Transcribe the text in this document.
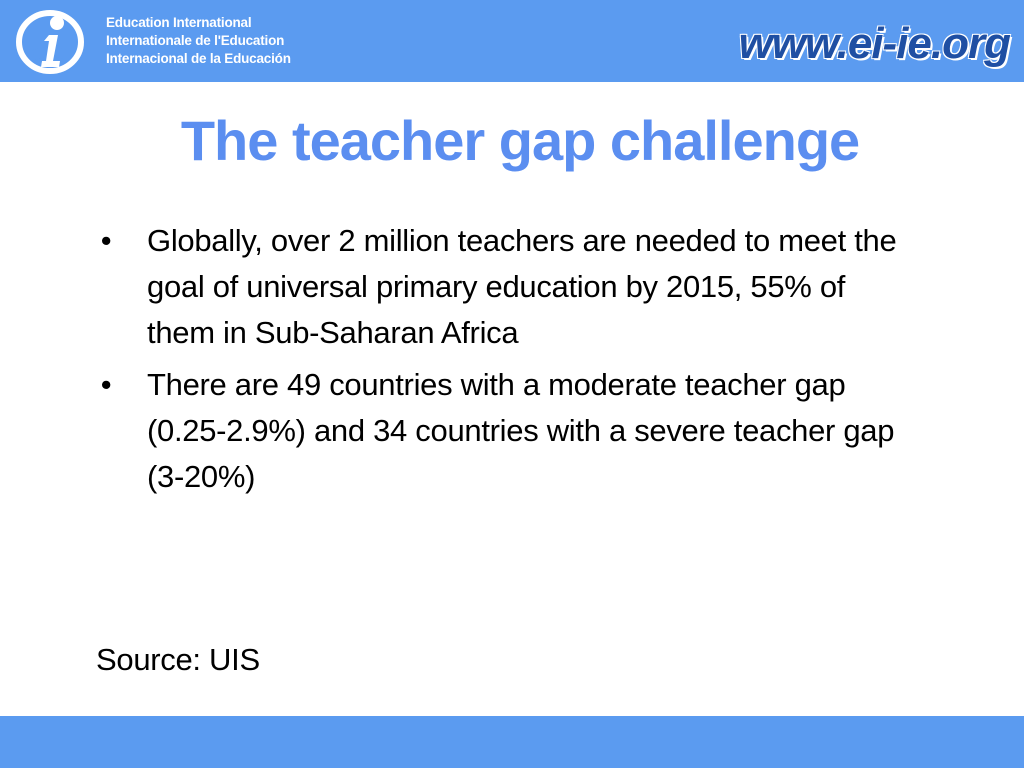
Education International
Internationale de l'Education
Internacional de la Educación	www.ei-ie.org
The teacher gap challenge
• Globally, over 2 million teachers are needed to meet the goal of universal primary education by 2015, 55% of them in Sub-Saharan Africa
• There are 49 countries with a moderate teacher gap (0.25-2.9%) and 34 countries with a severe teacher gap (3-20%)
Source: UIS
